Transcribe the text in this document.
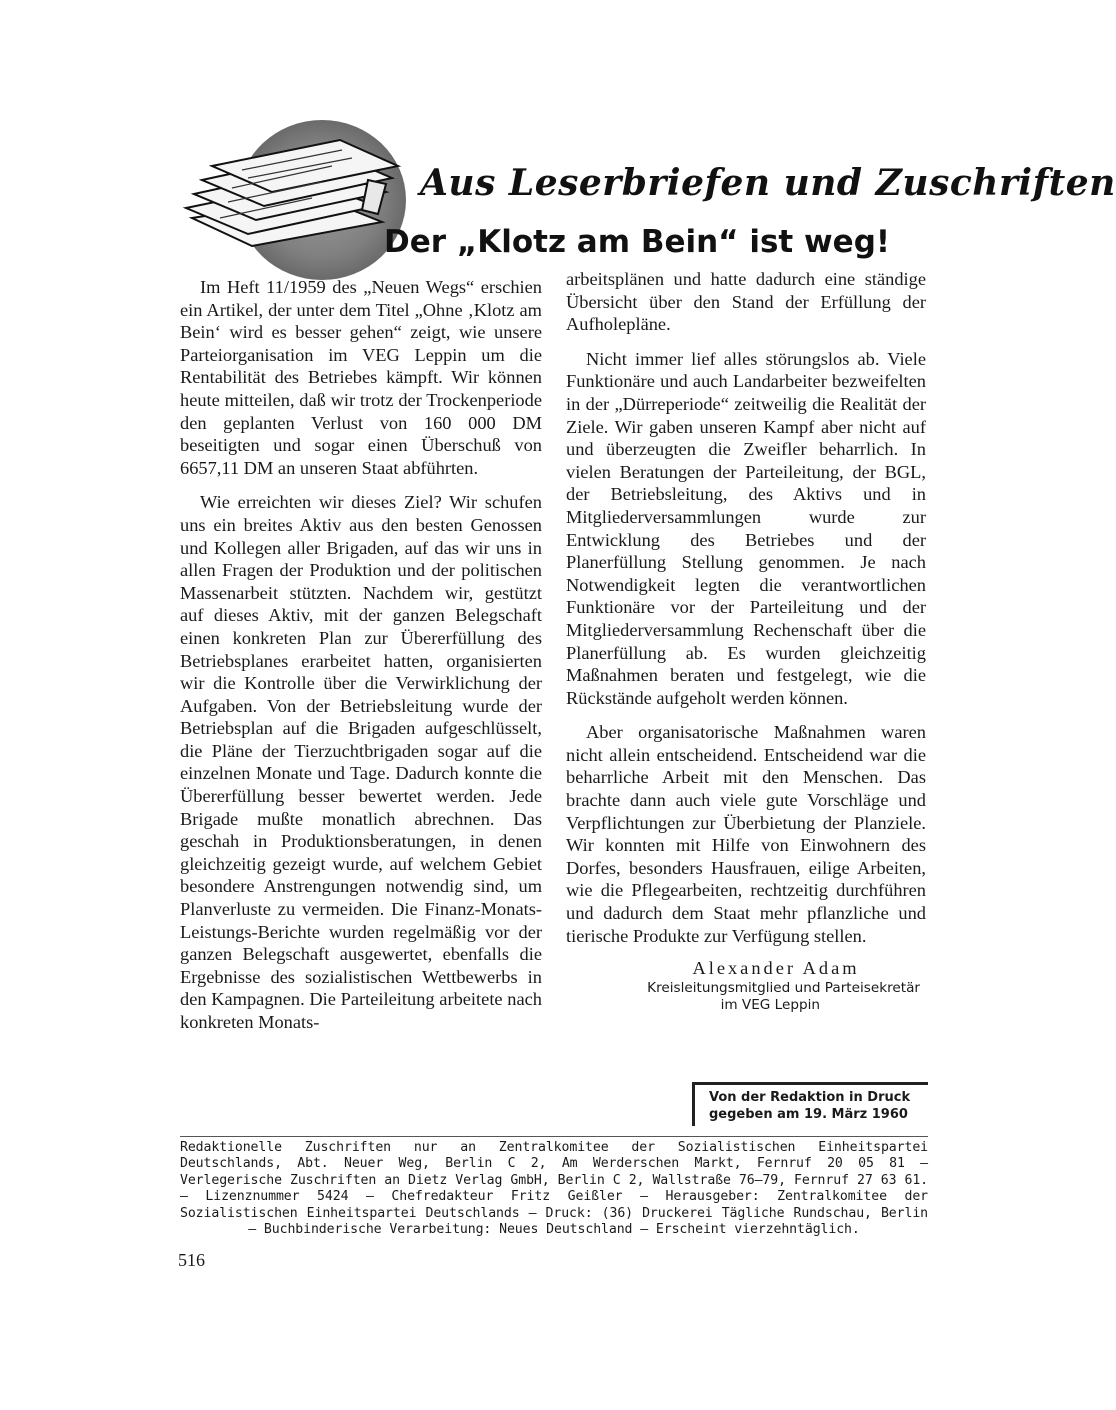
Aus Leserbriefen und Zuschriften
Der „Klotz am Bein“ ist weg!

Im Heft 11/1959 des „Neuen Wegs“ erschien ein Artikel, der unter dem Titel „Ohne ‚Klotz am Bein‘ wird es besser gehen“ zeigt, wie unsere Parteiorganisation im VEG Leppin um die Rentabilität des Betriebes kämpft. Wir können heute mitteilen, daß wir trotz der Trockenperiode den geplanten Verlust von 160 000 DM beseitigten und sogar einen Überschuß von 6657,11 DM an unseren Staat abführten.

Wie erreichten wir dieses Ziel? Wir schufen uns ein breites Aktiv aus den besten Genossen und Kollegen aller Brigaden, auf das wir uns in allen Fragen der Produktion und der politischen Massenarbeit stützten. Nachdem wir, gestützt auf dieses Aktiv, mit der ganzen Belegschaft einen konkreten Plan zur Übererfüllung des Betriebsplanes erarbeitet hatten, organisierten wir die Kontrolle über die Verwirklichung der Aufgaben. Von der Betriebsleitung wurde der Betriebsplan auf die Brigaden aufgeschlüsselt, die Pläne der Tierzuchtbrigaden sogar auf die einzelnen Monate und Tage. Dadurch konnte die Übererfüllung besser bewertet werden. Jede Brigade mußte monatlich abrechnen. Das geschah in Produktionsberatungen, in denen gleichzeitig gezeigt wurde, auf welchem Gebiet besondere Anstrengungen notwendig sind, um Planverluste zu vermeiden. Die Finanz-Monats-Leistungs-Berichte wurden regelmäßig vor der ganzen Belegschaft ausgewertet, ebenfalls die Ergebnisse des sozialistischen Wettbewerbs in den Kampagnen. Die Parteileitung arbeitete nach konkreten Monats-

arbeitsplänen und hatte dadurch eine ständige Übersicht über den Stand der Erfüllung der Aufholepläne.

Nicht immer lief alles störungslos ab. Viele Funktionäre und auch Landarbeiter bezweifelten in der „Dürreperiode“ zeitweilig die Realität der Ziele. Wir gaben unseren Kampf aber nicht auf und überzeugten die Zweifler beharrlich. In vielen Beratungen der Parteileitung, der BGL, der Betriebsleitung, des Aktivs und in Mitgliederversammlungen wurde zur Entwicklung des Betriebes und der Planerfüllung Stellung genommen. Je nach Notwendigkeit legten die verantwortlichen Funktionäre vor der Parteileitung und der Mitgliederversammlung Rechenschaft über die Planerfüllung ab. Es wurden gleichzeitig Maßnahmen beraten und festgelegt, wie die Rückstände aufgeholt werden können.

Aber organisatorische Maßnahmen waren nicht allein entscheidend. Entscheidend war die beharrliche Arbeit mit den Menschen. Das brachte dann auch viele gute Vorschläge und Verpflichtungen zur Überbietung der Planziele. Wir konnten mit Hilfe von Einwohnern des Dorfes, besonders Hausfrauen, eilige Arbeiten, wie die Pflegearbeiten, rechtzeitig durchführen und dadurch dem Staat mehr pflanzliche und tierische Produkte zur Verfügung stellen.

Alexander Adam
Kreisleitungsmitglied und Parteisekretär
im VEG Leppin
Von der Redaktion in Druck
gegeben am 19. März 1960
Redaktionelle Zuschriften nur an Zentralkomitee der Sozialistischen Einheitspartei Deutschlands, Abt. Neuer Weg, Berlin C 2, Am Werderschen Markt, Fernruf 20 05 81 — Verlegerische Zuschriften an Dietz Verlag GmbH, Berlin C 2, Wallstraße 76—79, Fernruf 27 63 61. — Lizenznummer 5424 — Chefredakteur Fritz Geißler — Herausgeber: Zentralkomitee der Sozialistischen Einheitspartei Deutschlands — Druck: (36) Druckerei Tägliche Rundschau, Berlin — Buchbinderische Verarbeitung: Neues Deutschland — Erscheint vierzehntäglich.
516
